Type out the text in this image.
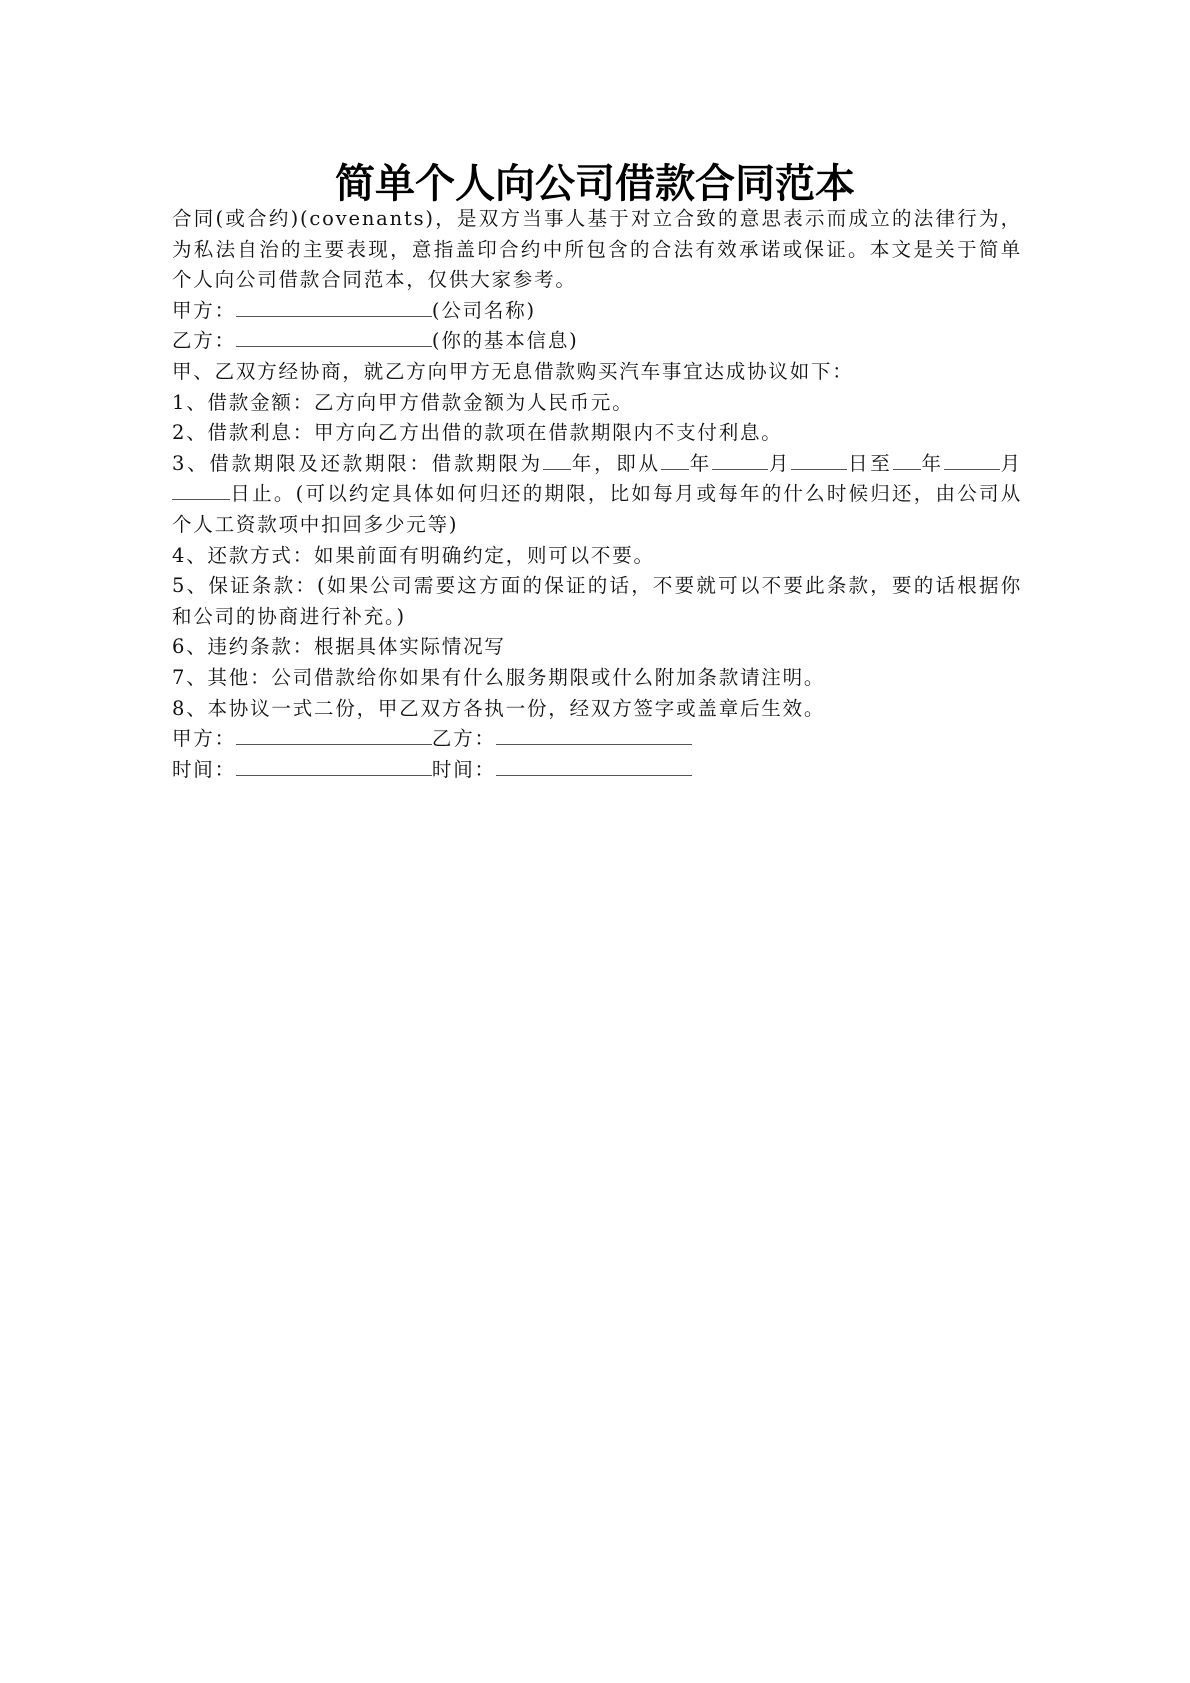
简单个人向公司借款合同范本
合同(或合约)(covenants)，是双方当事人基于对立合致的意思表示而成立的法律行为，为私法自治的主要表现，意指盖印合约中所包含的合法有效承诺或保证。本文是关于简单个人向公司借款合同范本，仅供大家参考。
甲方：	(公司名称)
乙方：	(你的基本信息)
甲、乙双方经协商，就乙方向甲方无息借款购买汽车事宜达成协议如下：
1、借款金额：乙方向甲方借款金额为人民币元。
2、借款利息：甲方向乙方出借的款项在借款期限内不支付利息。
3、借款期限及还款期限：借款期限为 年，即从 年	月	日至 年	月日止。(可以约定具体如何归还的期限，比如每月或每年的什么时候归还，由公司从个人工资款项中扣回多少元等)
4、还款方式：如果前面有明确约定，则可以不要。
5、保证条款：(如果公司需要这方面的保证的话，不要就可以不要此条款，要的话根据你和公司的协商进行补充。)
6、违约条款：根据具体实际情况写
7、其他：公司借款给你如果有什么服务期限或什么附加条款请注明。
8、本协议一式二份，甲乙双方各执一份，经双方签字或盖章后生效。
甲方：	乙方：
时间：	时间：
